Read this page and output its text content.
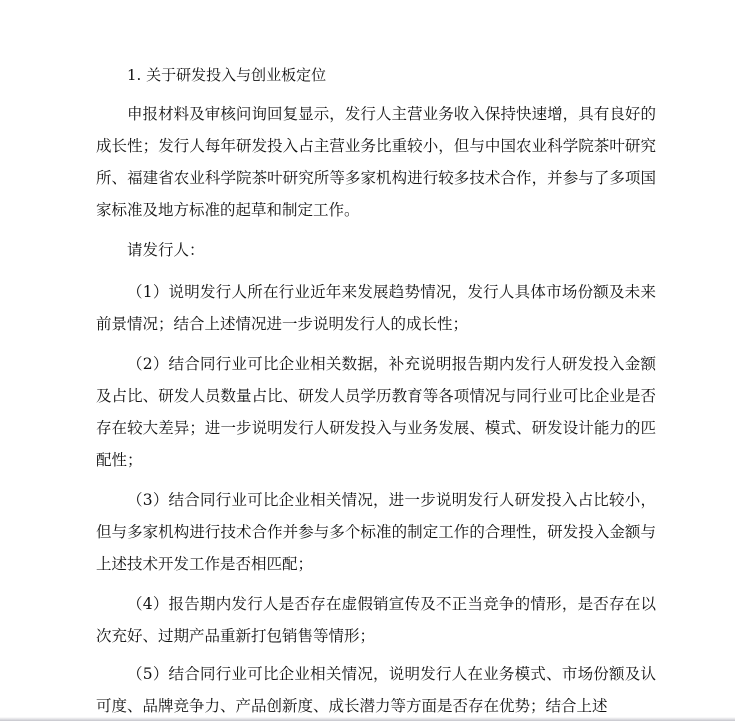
1. 关于研发投入与创业板定位

申报材料及审核问询回复显示，发行人主营业务收入保持快速增，具有良好的成长性；发行人每年研发投入占主营业务比重较小，但与中国农业科学院茶叶研究所、福建省农业科学院茶叶研究所等多家机构进行较多技术合作，并参与了多项国家标准及地方标准的起草和制定工作。

请发行人：

（1）说明发行人所在行业近年来发展趋势情况，发行人具体市场份额及未来前景情况；结合上述情况进一步说明发行人的成长性；

（2）结合同行业可比企业相关数据，补充说明报告期内发行人研发投入金额及占比、研发人员数量占比、研发人员学历教育等各项情况与同行业可比企业是否存在较大差异；进一步说明发行人研发投入与业务发展、模式、研发设计能力的匹配性；

（3）结合同行业可比企业相关情况，进一步说明发行人研发投入占比较小，但与多家机构进行技术合作并参与多个标准的制定工作的合理性，研发投入金额与上述技术开发工作是否相匹配；

（4）报告期内发行人是否存在虚假销宣传及不正当竞争的情形，是否存在以次充好、过期产品重新打包销售等情形；

（5）结合同行业可比企业相关情况，说明发行人在业务模式、市场份额及认可度、品牌竞争力、产品创新度、成长潜力等方面是否存在优势；结合上述
